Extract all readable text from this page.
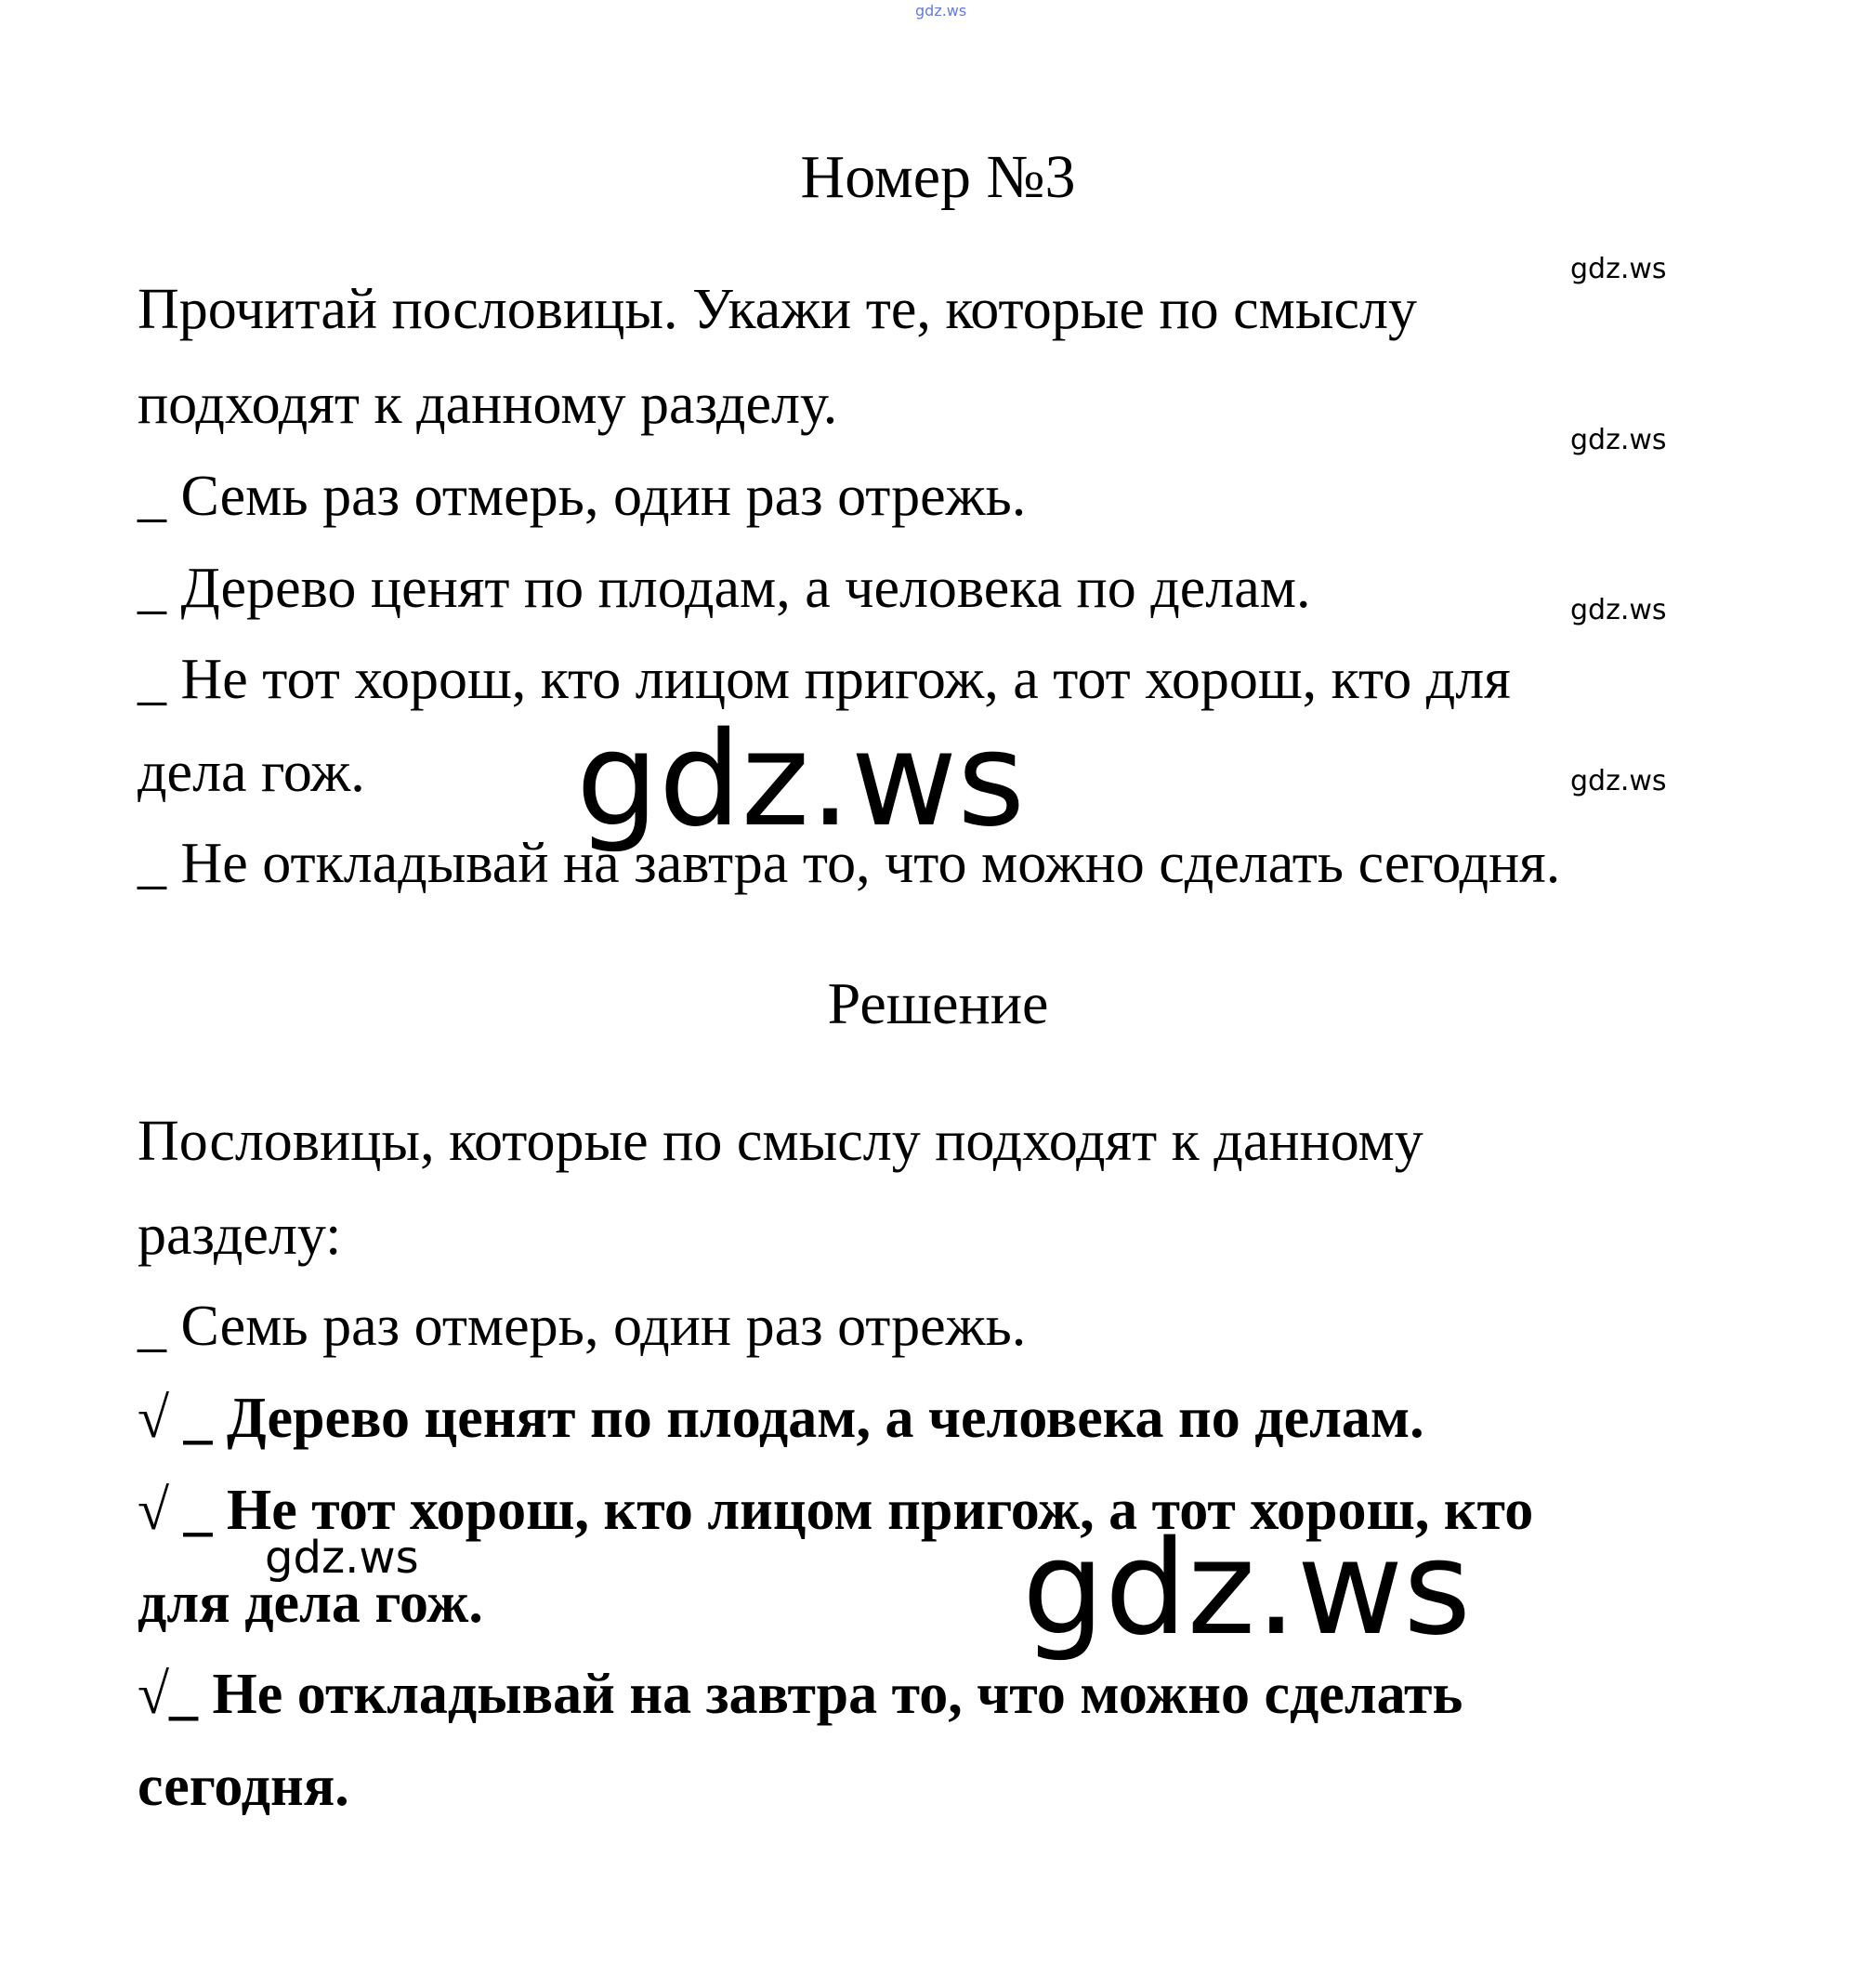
gdz.ws
Номер №3
Прочитай пословицы. Укажи те, которые по смыслу
подходят к данному разделу.
_ Семь раз отмерь, один раз отрежь.
_ Дерево ценят по плодам, а человека по делам.
_ Не тот хорош, кто лицом пригож, а тот хорош, кто для
дела гож.
_ Не откладывай на завтра то, что можно сделать сегодня.
Решение
Пословицы, которые по смыслу подходят к данному
разделу:
_ Семь раз отмерь, один раз отрежь.
√ _ Дерево ценят по плодам, а человека по делам.
√ _ Не тот хорош, кто лицом пригож, а тот хорош, кто
для дела гож.
√_ Не откладывай на завтра то, что можно сделать
сегодня.
gdz.ws
gdz.ws
gdz.ws
gdz.ws
gdz.ws
gdz.ws	gdz.ws
